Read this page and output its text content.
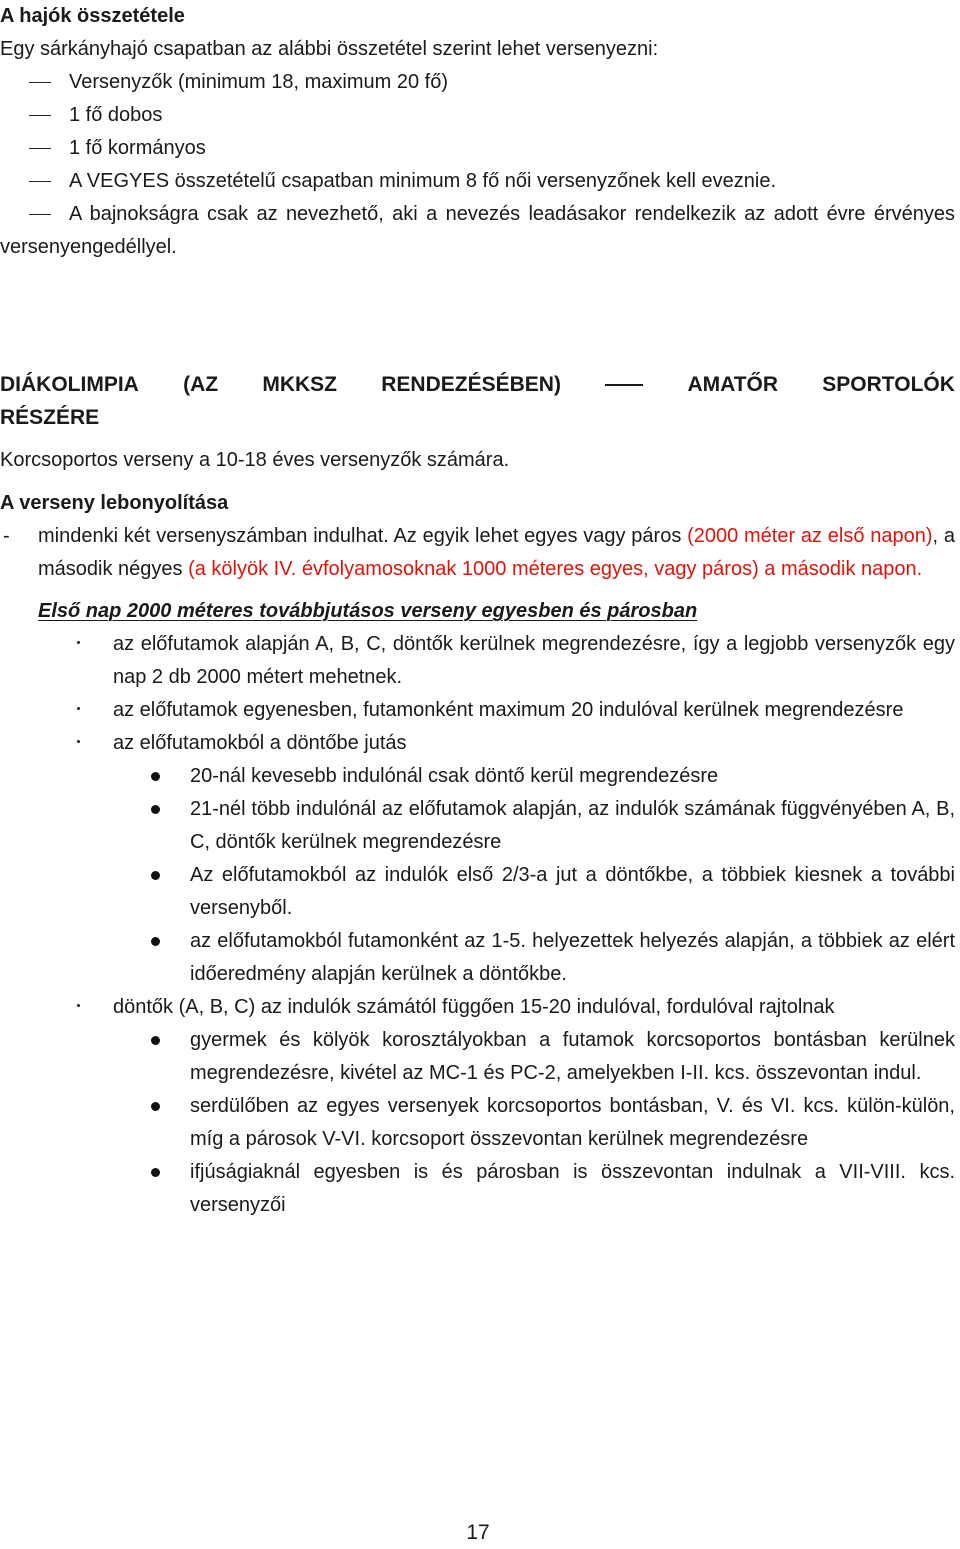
A hajók összetétele
Egy sárkányhajó csapatban az alábbi összetétel szerint lehet versenyezni:
Versenyzők (minimum 18, maximum 20 fő)
1 fő dobos
1 fő kormányos
A VEGYES összetételű csapatban minimum 8 fő női versenyzőnek kell eveznie.
A bajnokságra csak az nevezhető, aki a nevezés leadásakor rendelkezik az adott évre érvényes versenyengedéllyel.
DIÁKOLIMPIA (AZ MKKSZ RENDEZÉSÉBEN)	AMATŐR SPORTOLÓK
RÉSZÉRE
Korcsoportos verseny a 10-18 éves versenyzők számára.
A verseny lebonyolítása
- mindenki két versenyszámban indulhat. Az egyik lehet egyes vagy páros (2000 méter az első napon), a második négyes (a kölyök IV. évfolyamosoknak 1000 méteres egyes, vagy páros) a második napon.
Első nap 2000 méteres továbbjutásos verseny egyesben és párosban
az előfutamok alapján A, B, C, döntők kerülnek megrendezésre, így a legjobb versenyzők egy nap 2 db 2000 métert mehetnek.
az előfutamok egyenesben, futamonként maximum 20 indulóval kerülnek megrendezésre
az előfutamokból a döntőbe jutás
20-nál kevesebb indulónál csak döntő kerül megrendezésre
21-nél több indulónál az előfutamok alapján, az indulók számának függvényében A, B, C, döntők kerülnek megrendezésre
Az előfutamokból az indulók első 2/3-a jut a döntőkbe, a többiek kiesnek a további versenyből.
az előfutamokból futamonként az 1-5. helyezettek helyezés alapján, a többiek az elért időeredmény alapján kerülnek a döntőkbe.
döntők (A, B, C) az indulók számától függően 15-20 indulóval, fordulóval rajtolnak
gyermek és kölyök korosztályokban a futamok korcsoportos bontásban kerülnek megrendezésre, kivétel az MC-1 és PC-2, amelyekben I-II. kcs. összevontan indul.
serdülőben az egyes versenyek korcsoportos bontásban, V. és VI. kcs. külön-külön, míg a párosok V-VI. korcsoport összevontan kerülnek megrendezésre
ifjúságiaknál egyesben is és párosban is összevontan indulnak a VII-VIII. kcs. versenyzői
17
